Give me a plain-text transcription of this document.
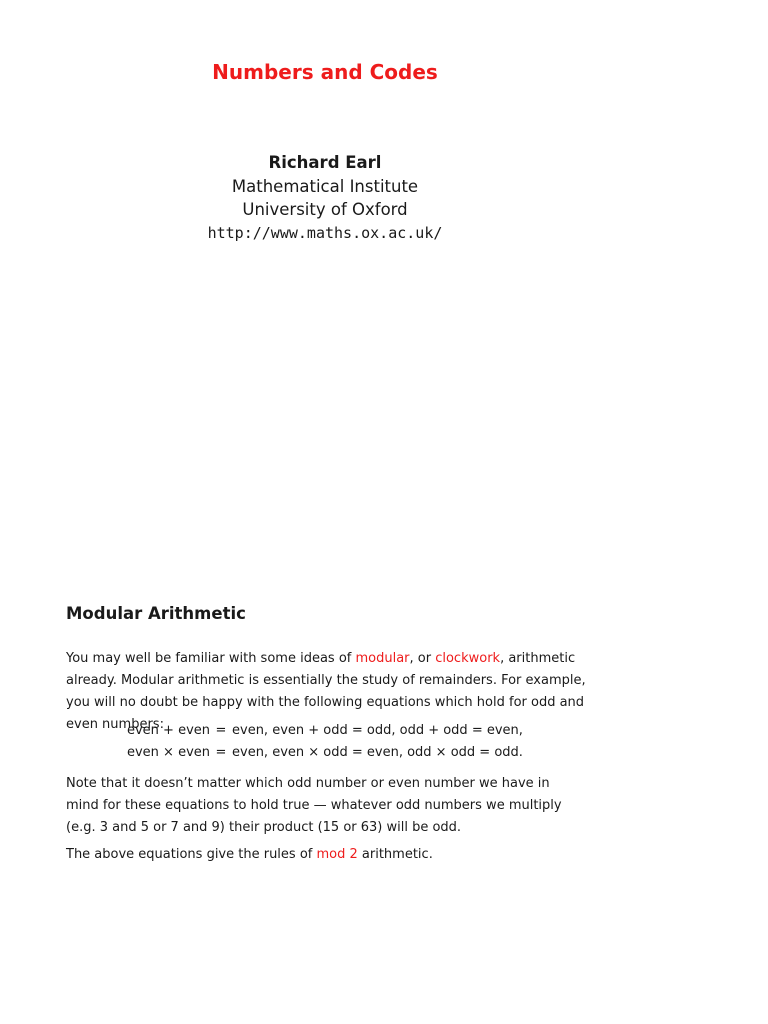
Numbers and Codes
Richard Earl
Mathematical Institute
University of Oxford
http://www.maths.ox.ac.uk/
Modular Arithmetic
You may well be familiar with some ideas of modular, or clockwork, arithmetic already. Modular arithmetic is essentially the study of remainders. For example, you will no doubt be happy with the following equations which hold for odd and even numbers:
even + even = even, even + odd = odd, odd + odd = even,
even × even = even, even × odd = even, odd × odd = odd.
Note that it doesn’t matter which odd number or even number we have in mind for these equations to hold true — whatever odd numbers we multiply (e.g. 3 and 5 or 7 and 9) their product (15 or 63) will be odd.
The above equations give the rules of mod 2 arithmetic.
